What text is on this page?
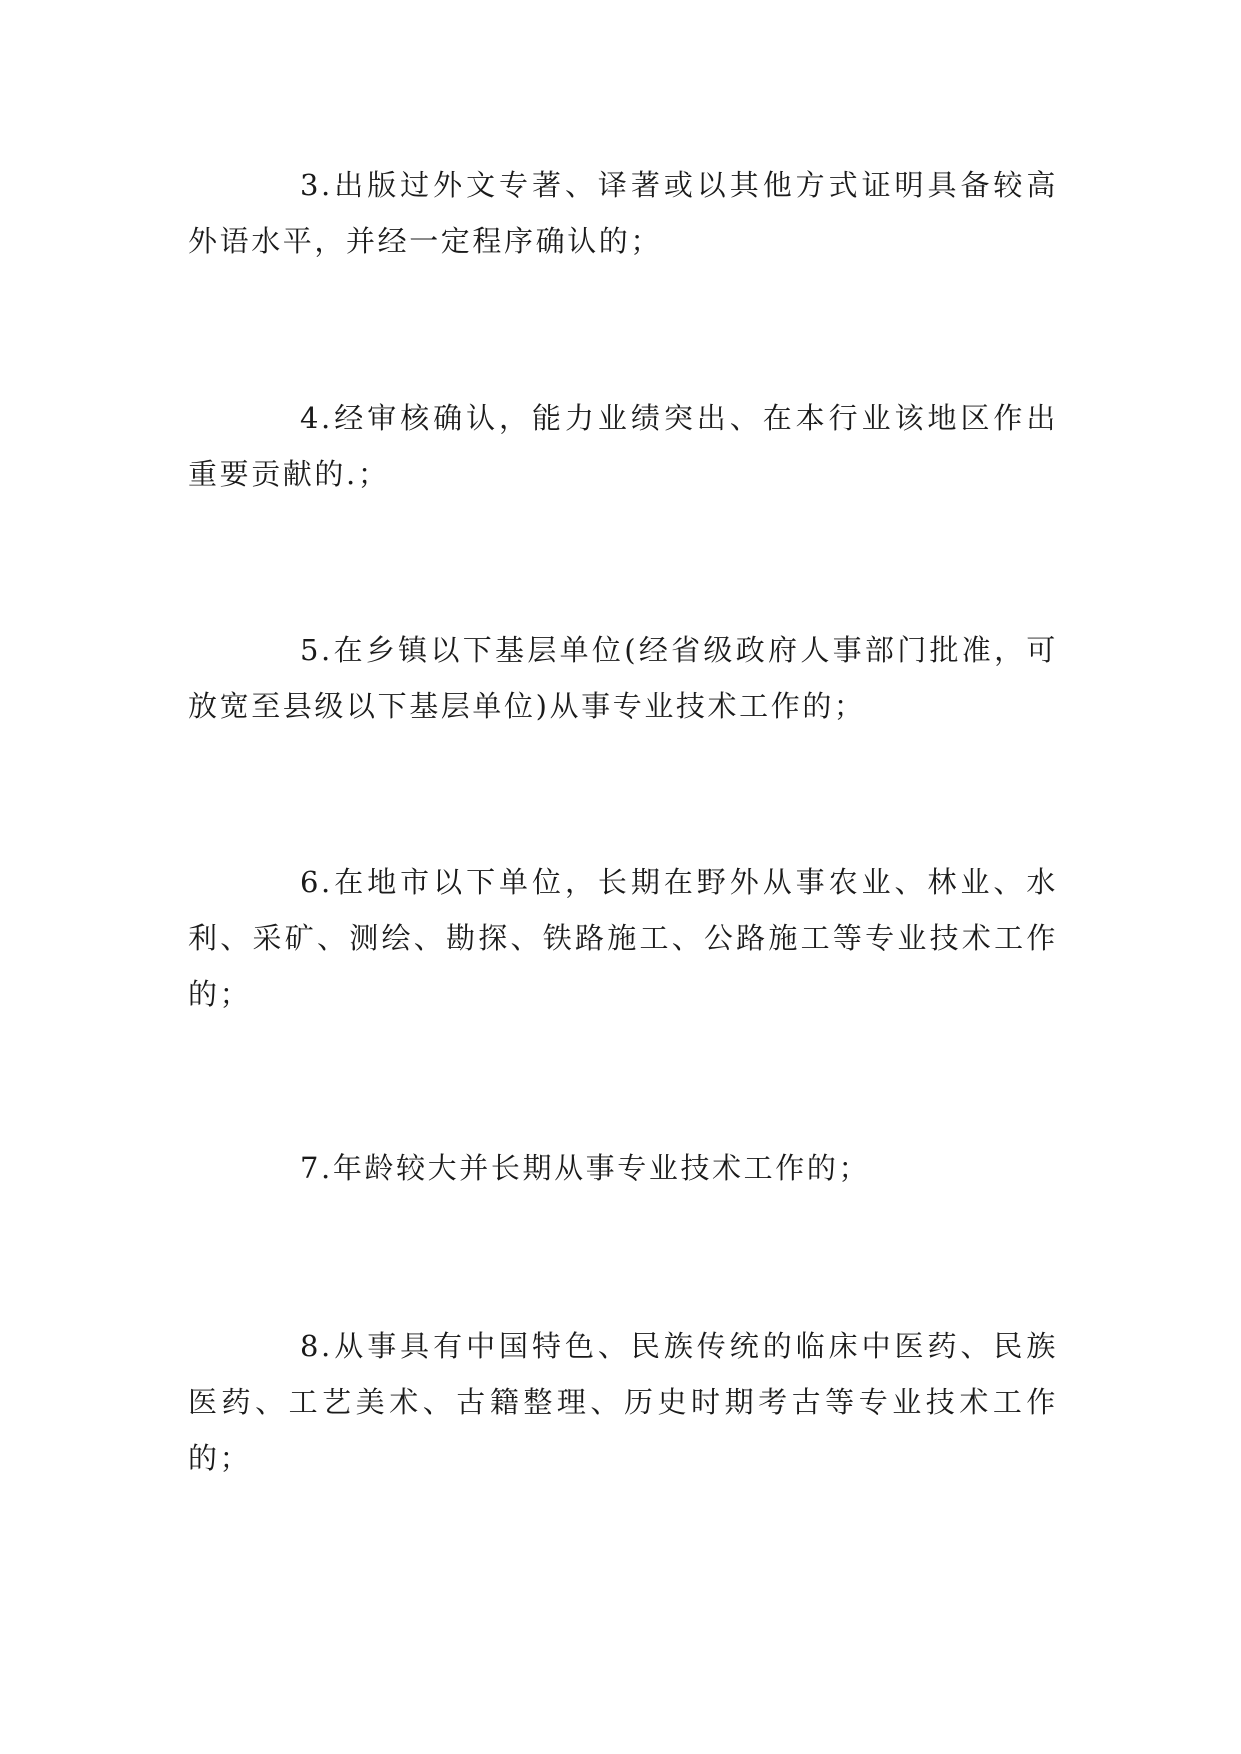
3.出版过外文专著、译著或以其他方式证明具备较高外语水平，并经一定程序确认的；

4.经审核确认，能力业绩突出、在本行业该地区作出重要贡献的.；

5.在乡镇以下基层单位(经省级政府人事部门批准，可放宽至县级以下基层单位)从事专业技术工作的；

6.在地市以下单位，长期在野外从事农业、林业、水利、采矿、测绘、勘探、铁路施工、公路施工等专业技术工作的；

7.年龄较大并长期从事专业技术工作的；

8.从事具有中国特色、民族传统的临床中医药、民族医药、工艺美术、古籍整理、历史时期考古等专业技术工作的；
